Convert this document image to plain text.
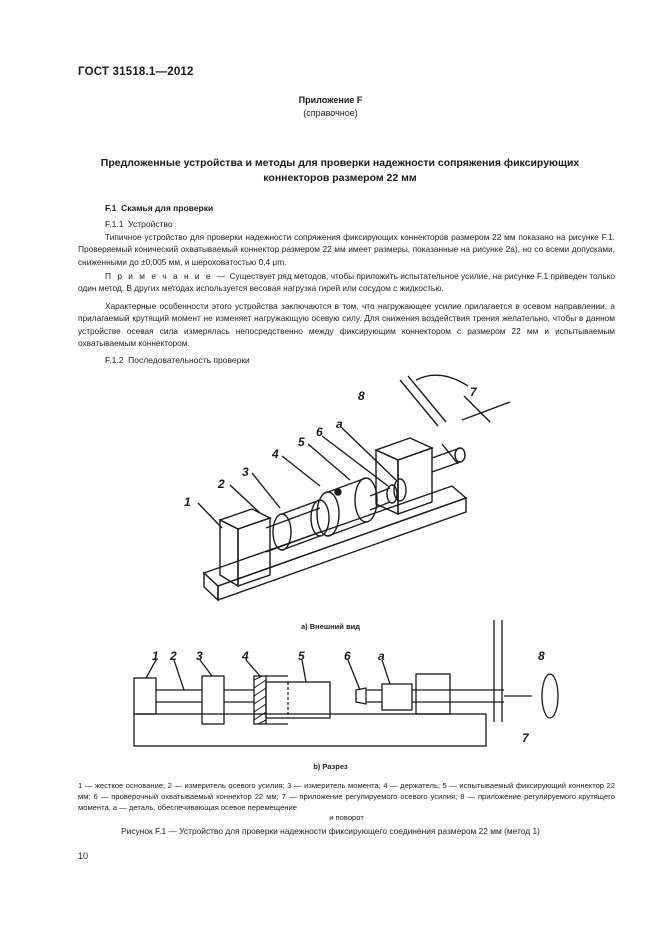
ГОСТ 31518.1—2012
Приложение F
(справочное)
Предложенные устройства и методы для проверки надежности сопряжения фиксирующих
коннекторов размером 22 мм
F.1 Скамья для проверки
F.1.1 Устройство

Типичное устройство для проверки надежности сопряжения фиксирующих коннекторов размером 22 мм показано на рисунке F.1. Проверяемый конический охватываемый коннектор размером 22 мм имеет размеры, показанные на рисунке 2а), но со всеми допусками, сниженными до ±0,005 мм, и шероховатостью 0,4 μm.

П р и м е ч а н и е — Существует ряд методов, чтобы приложить испытательное усилие, на рисунке F.1 приведен только один метод. В других методах используется весовая нагрузка гирей или сосудом с жидкостью.

Характерные особенности этого устройства заключаются в том, что нагружающее усилие прилагается в осевом направлении, а прилагаемый крутящий момент не изменяет нагружающую осевую силу. Для снижения воздействия трения желательно, чтобы в данном устройстве осевая сила измерялась непосредственно между фиксирующим коннектором с размером 22 мм и испытываемым охватываемым коннектором.

F.1.2 Последовательность проверки
1
2
3
4
5
6
a
7
8
a) Внешний вид
1 2 3	4	5	6 a	8
7
b) Разрез

1 — жесткое основание; 2 — измеритель осевого усилия; 3 — измеритель момента; 4 — держатель; 5 — испытываемый фиксирующий коннектор 22 мм; 6 — проверочный охватываемый коннектор 22 мм; 7 — приложение регулируемого осевого усилия; 8 — приложение регулируемого крутящего момента, a — деталь, обеспечивающая осевое перемещение

и поворот

Рисунок F.1 — Устройство для проверки надежности фиксирующего соединения размером 22 мм (метод 1)
10
